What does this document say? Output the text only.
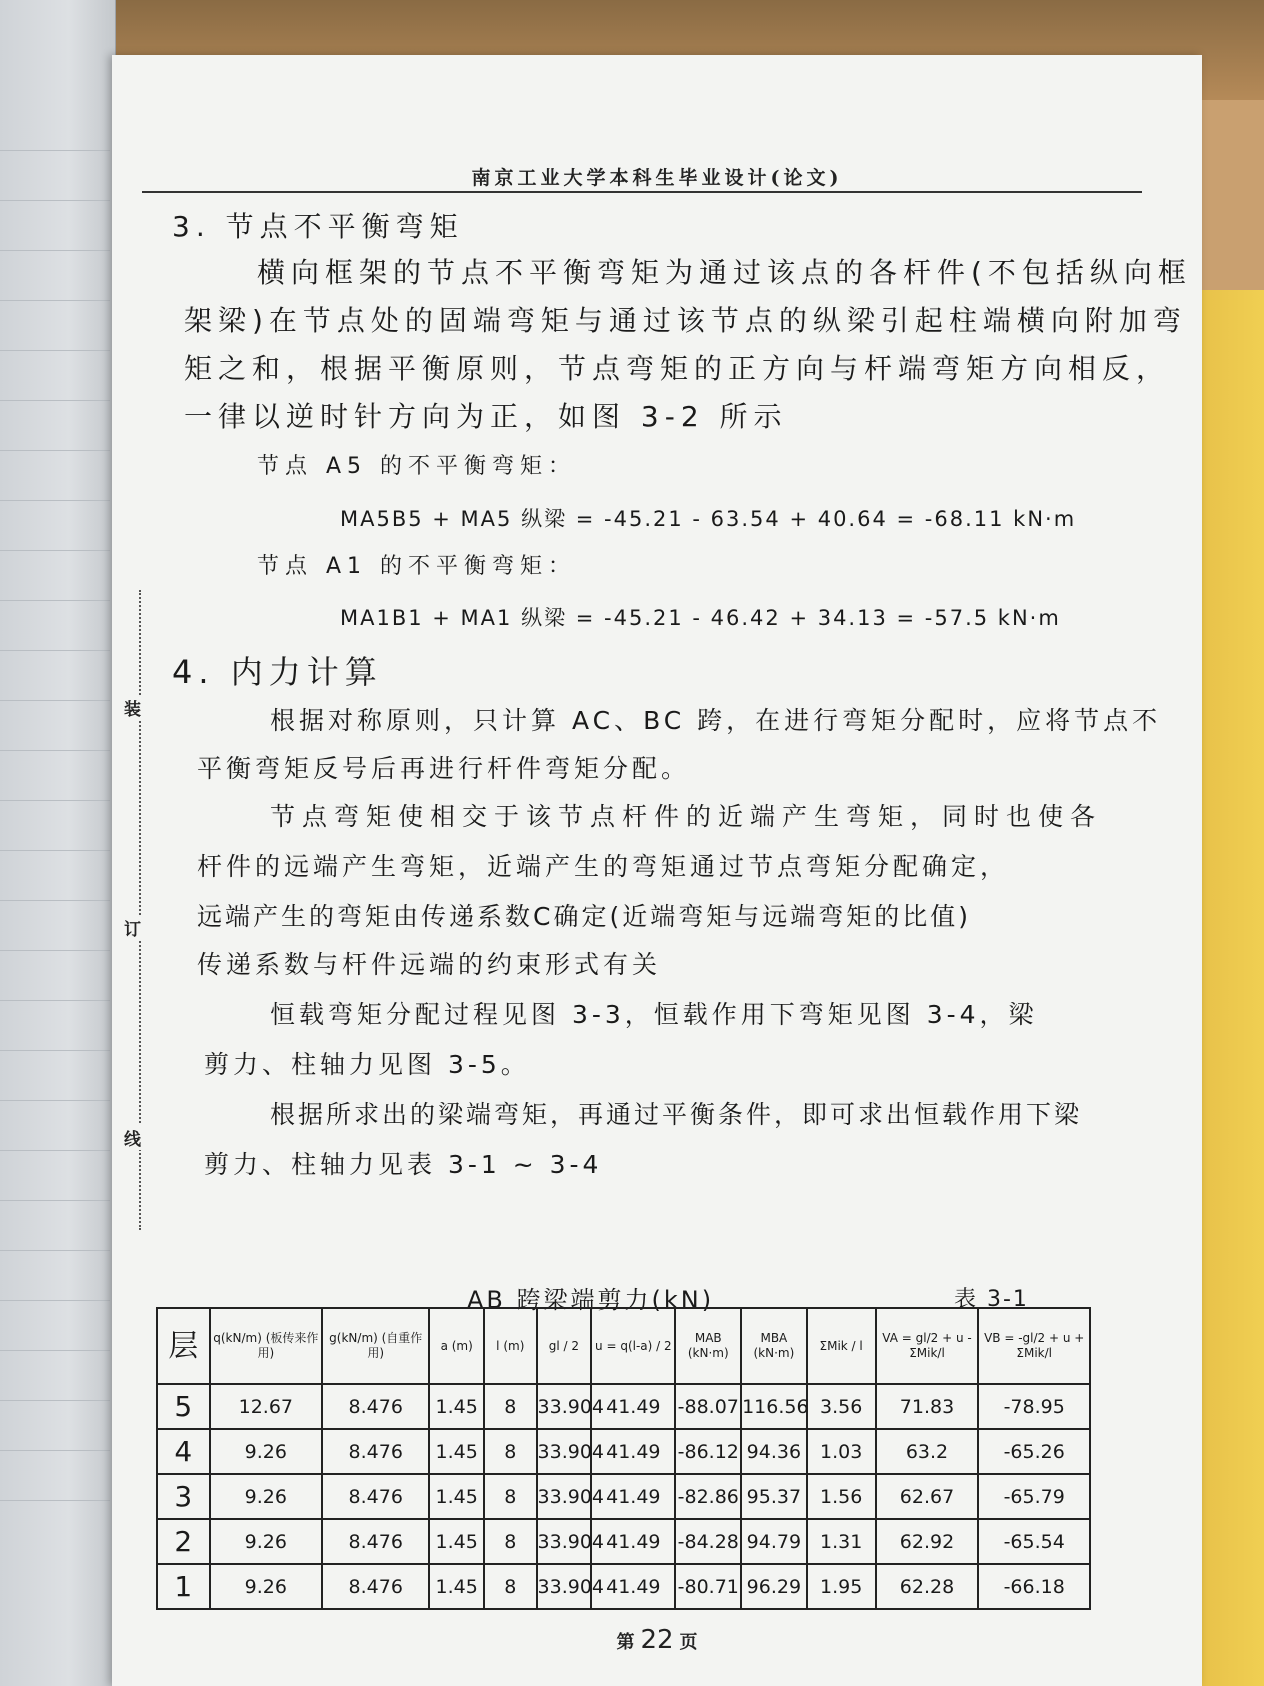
南京工业大学本科生毕业设计(论文)
装
订
线
3. 节点不平衡弯矩
横向框架的节点不平衡弯矩为通过该点的各杆件(不包括纵向框
架梁)在节点处的固端弯矩与通过该节点的纵梁引起柱端横向附加弯
矩之和，根据平衡原则，节点弯矩的正方向与杆端弯矩方向相反，
一律以逆时针方向为正，如图 3-2 所示
节点 A5 的不平衡弯矩：
MA5B5 + MA5 纵梁 = -45.21 - 63.54 + 40.64 = -68.11 kN·m
节点 A1 的不平衡弯矩：
MA1B1 + MA1 纵梁 = -45.21 - 46.42 + 34.13 = -57.5 kN·m
4. 内力计算
根据对称原则，只计算 AC、BC 跨，在进行弯矩分配时，应将节点不
平衡弯矩反号后再进行杆件弯矩分配。
节点弯矩使相交于该节点杆件的近端产生弯矩，同时也使各
杆件的远端产生弯矩，近端产生的弯矩通过节点弯矩分配确定，
远端产生的弯矩由传递系数C确定(近端弯矩与远端弯矩的比值)
传递系数与杆件远端的约束形式有关
恒载弯矩分配过程见图 3-3，恒载作用下弯矩见图 3-4，梁
剪力、柱轴力见图 3-5。
根据所求出的梁端弯矩，再通过平衡条件，即可求出恒载作用下梁
剪力、柱轴力见表 3-1 ~ 3-4
AB 跨梁端剪力(kN)	表 3-1
层	q(kN/m) (板传来作用)	g(kN/m) (自重作用)	a (m)	l (m)	gl / 2	u = q(l-a) / 2	MAB (kN·m)	MBA (kN·m)	ΣMik / l	VA = gl/2 + u - ΣMik/l	VB = -gl/2 + u + ΣMik/l
5	12.67	8.476	1.45	8	33.904	41.49	-88.07	116.56	3.56	71.83	-78.95
4	9.26	8.476	1.45	8	33.904	41.49	-86.12	94.36	1.03	63.2	-65.26
3	9.26	8.476	1.45	8	33.904	41.49	-82.86	95.37	1.56	62.67	-65.79
2	9.26	8.476	1.45	8	33.904	41.49	-84.28	94.79	1.31	62.92	-65.54
1	9.26	8.476	1.45	8	33.904	41.49	-80.71	96.29	1.95	62.28	-66.18
第 22 页
